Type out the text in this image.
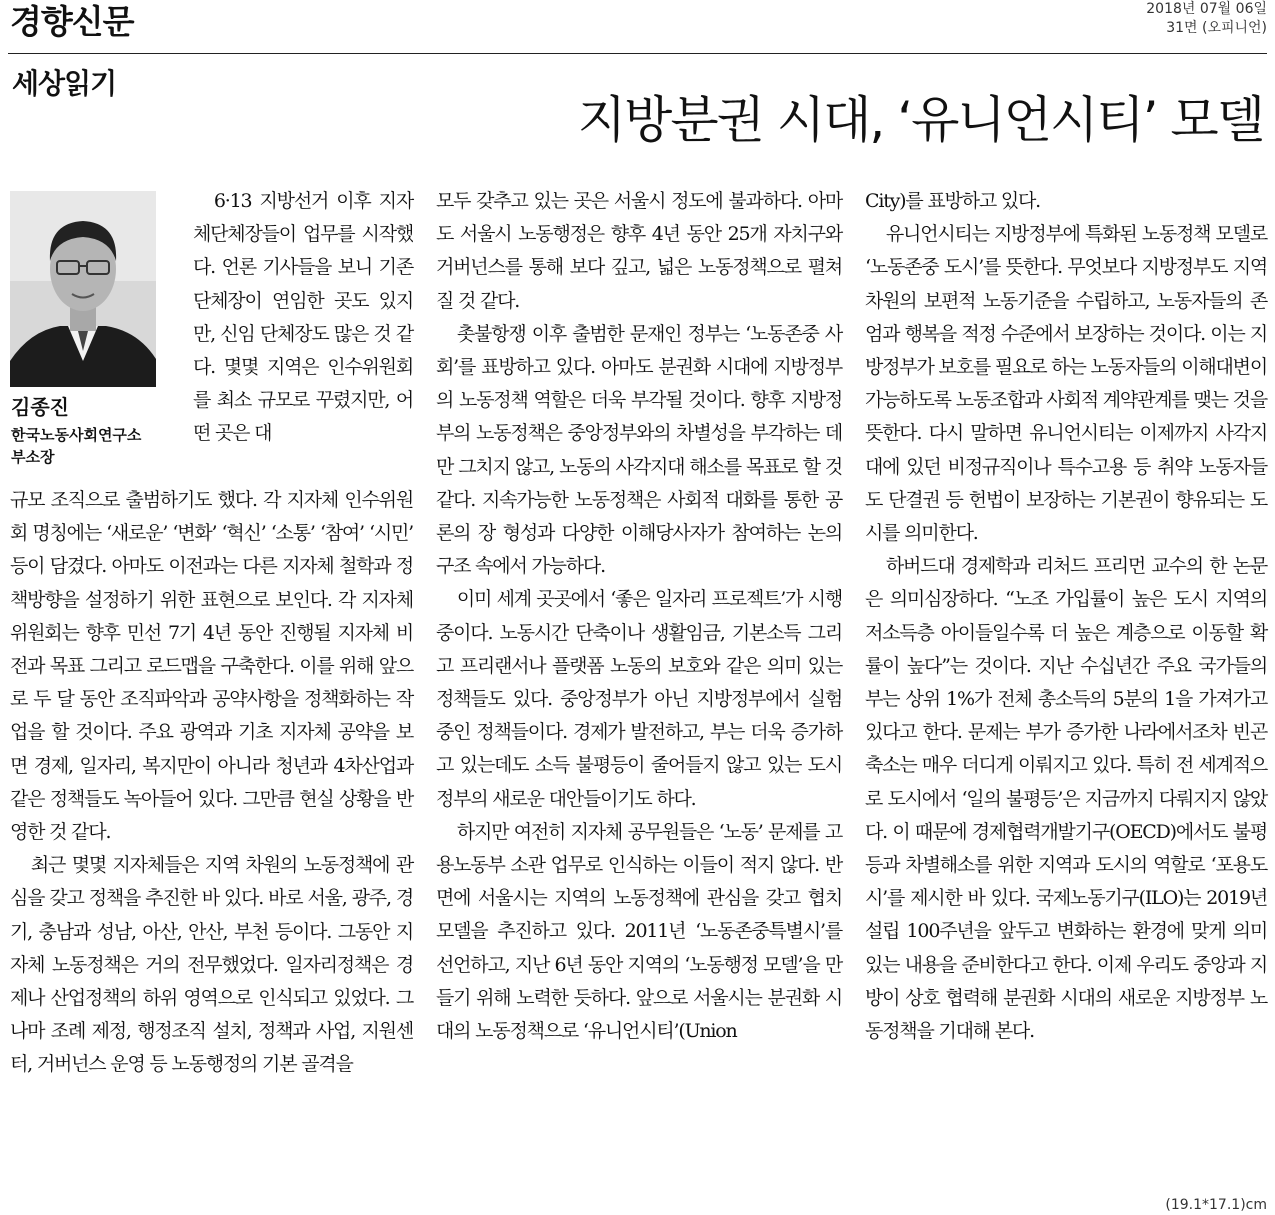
경향신문	2018년 07월 06일
31면 (오피니언)
세상읽기
지방분권 시대, ‘유니언시티’ 모델
김종진
한국노동사회연구소
부소장

6·13 지방선거 이후 지자체단체장들이 업무를 시작했다. 언론 기사들을 보니 기존 단체장이 연임한 곳도 있지만, 신임 단체장도 많은 것 같다. 몇몇 지역은 인수위원회를 최소 규모로 꾸렸지만, 어떤 곳은 대

규모 조직으로 출범하기도 했다. 각 지자체 인수위원회 명칭에는 ‘새로운’ ‘변화’ ‘혁신’ ‘소통’ ‘참여’ ‘시민’ 등이 담겼다. 아마도 이전과는 다른 지자체 철학과 정책방향을 설정하기 위한 표현으로 보인다. 각 지자체 위원회는 향후 민선 7기 4년 동안 진행될 지자체 비전과 목표 그리고 로드맵을 구축한다. 이를 위해 앞으로 두 달 동안 조직파악과 공약사항을 정책화하는 작업을 할 것이다. 주요 광역과 기초 지자체 공약을 보면 경제, 일자리, 복지만이 아니라 청년과 4차산업과 같은 정책들도 녹아들어 있다. 그만큼 현실 상황을 반영한 것 같다.

최근 몇몇 지자체들은 지역 차원의 노동정책에 관심을 갖고 정책을 추진한 바 있다. 바로 서울, 광주, 경기, 충남과 성남, 아산, 안산, 부천 등이다. 그동안 지자체 노동정책은 거의 전무했었다. 일자리정책은 경제나 산업정책의 하위 영역으로 인식되고 있었다. 그나마 조례 제정, 행정조직 설치, 정책과 사업, 지원센터, 거버넌스 운영 등 노동행정의 기본 골격을

모두 갖추고 있는 곳은 서울시 정도에 불과하다. 아마도 서울시 노동행정은 향후 4년 동안 25개 자치구와 거버넌스를 통해 보다 깊고, 넓은 노동정책으로 펼쳐질 것 같다.

촛불항쟁 이후 출범한 문재인 정부는 ‘노동존중 사회’를 표방하고 있다. 아마도 분권화 시대에 지방정부의 노동정책 역할은 더욱 부각될 것이다. 향후 지방정부의 노동정책은 중앙정부와의 차별성을 부각하는 데만 그치지 않고, 노동의 사각지대 해소를 목표로 할 것 같다. 지속가능한 노동정책은 사회적 대화를 통한 공론의 장 형성과 다양한 이해당사자가 참여하는 논의구조 속에서 가능하다.

이미 세계 곳곳에서 ‘좋은 일자리 프로젝트’가 시행 중이다. 노동시간 단축이나 생활임금, 기본소득 그리고 프리랜서나 플랫폼 노동의 보호와 같은 의미 있는 정책들도 있다. 중앙정부가 아닌 지방정부에서 실험 중인 정책들이다. 경제가 발전하고, 부는 더욱 증가하고 있는데도 소득 불평등이 줄어들지 않고 있는 도시 정부의 새로운 대안들이기도 하다.

하지만 여전히 지자체 공무원들은 ‘노동’ 문제를 고용노동부 소관 업무로 인식하는 이들이 적지 않다. 반면에 서울시는 지역의 노동정책에 관심을 갖고 협치 모델을 추진하고 있다. 2011년 ‘노동존중특별시’를 선언하고, 지난 6년 동안 지역의 ‘노동행정 모델’을 만들기 위해 노력한 듯하다. 앞으로 서울시는 분권화 시대의 노동정책으로 ‘유니언시티’(Union

City)를 표방하고 있다.

유니언시티는 지방정부에 특화된 노동정책 모델로 ‘노동존중 도시’를 뜻한다. 무엇보다 지방정부도 지역 차원의 보편적 노동기준을 수립하고, 노동자들의 존엄과 행복을 적정 수준에서 보장하는 것이다. 이는 지방정부가 보호를 필요로 하는 노동자들의 이해대변이 가능하도록 노동조합과 사회적 계약관계를 맺는 것을 뜻한다. 다시 말하면 유니언시티는 이제까지 사각지대에 있던 비정규직이나 특수고용 등 취약 노동자들도 단결권 등 헌법이 보장하는 기본권이 향유되는 도시를 의미한다.

하버드대 경제학과 리처드 프리먼 교수의 한 논문은 의미심장하다. “노조 가입률이 높은 도시 지역의 저소득층 아이들일수록 더 높은 계층으로 이동할 확률이 높다”는 것이다. 지난 수십년간 주요 국가들의 부는 상위 1%가 전체 총소득의 5분의 1을 가져가고 있다고 한다. 문제는 부가 증가한 나라에서조차 빈곤 축소는 매우 더디게 이뤄지고 있다. 특히 전 세계적으로 도시에서 ‘일의 불평등’은 지금까지 다뤄지지 않았다. 이 때문에 경제협력개발기구(OECD)에서도 불평등과 차별해소를 위한 지역과 도시의 역할로 ‘포용도시’를 제시한 바 있다. 국제노동기구(ILO)는 2019년 설립 100주년을 앞두고 변화하는 환경에 맞게 의미 있는 내용을 준비한다고 한다. 이제 우리도 중앙과 지방이 상호 협력해 분권화 시대의 새로운 지방정부 노동정책을 기대해 본다.

(19.1*17.1)cm
